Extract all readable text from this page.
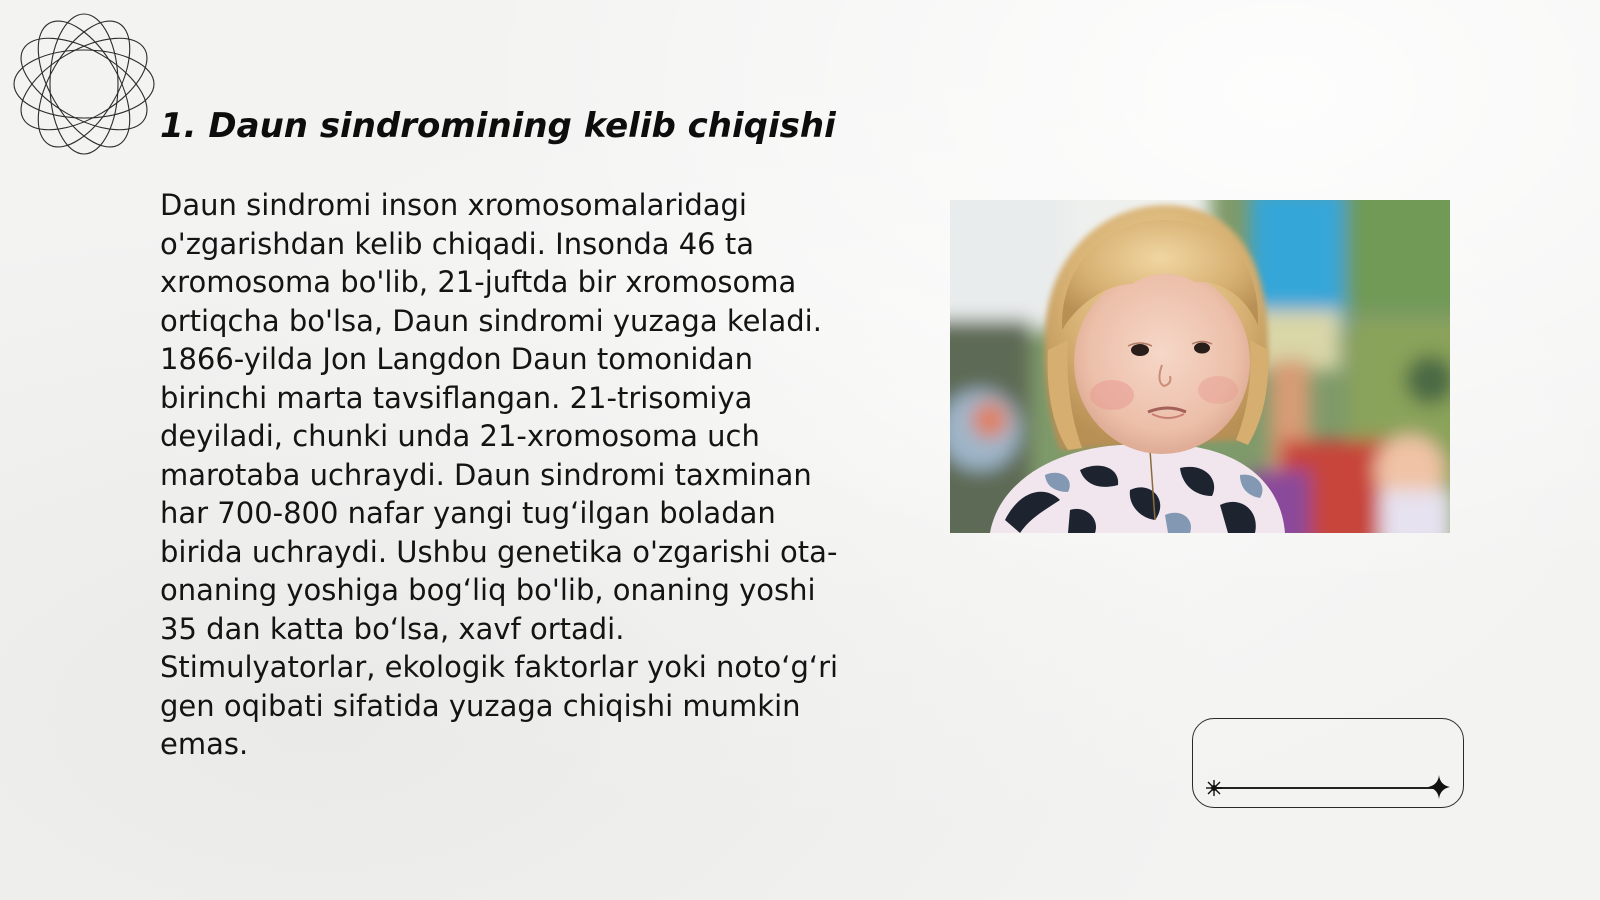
1. Daun sindromining kelib chiqishi

Daun sindromi inson xromosomalaridagi o'zgarishdan kelib chiqadi. Insonda 46 ta xromosoma bo'lib, 21-juftda bir xromosoma ortiqcha bo'lsa, Daun sindromi yuzaga keladi. 1866-yilda Jon Langdon Daun tomonidan birinchi marta tavsiflangan. 21-trisomiya deyiladi, chunki unda 21-xromosoma uch marotaba uchraydi. Daun sindromi taxminan har 700-800 nafar yangi tug‘ilgan boladan birida uchraydi. Ushbu genetika o'zgarishi ota-onaning yoshiga bog‘liq bo'lib, onaning yoshi 35 dan katta bo‘lsa, xavf ortadi. Stimulyatorlar, ekologik faktorlar yoki noto‘g‘ri gen oqibati sifatida yuzaga chiqishi mumkin emas.
